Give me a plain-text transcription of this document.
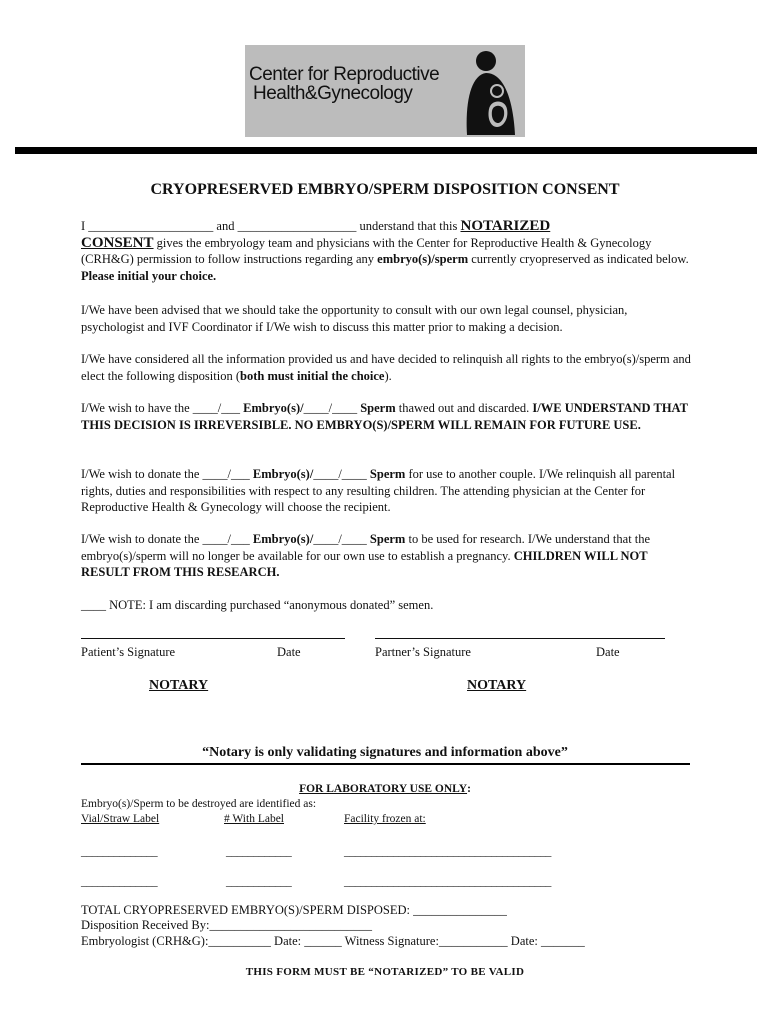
Center for Reproductive
Health&Gynecology
CRYOPRESERVED EMBRYO/SPERM DISPOSITION CONSENT
I ____________________ and ___________________ understand that this NOTARIZED
CONSENT gives the embryology team and physicians with the Center for Reproductive Health & Gynecology (CRH&G) permission to follow instructions regarding any embryo(s)/sperm currently cryopreserved as indicated below. Please initial your choice.
I/We have been advised that we should take the opportunity to consult with our own legal counsel, physician, psychologist and IVF Coordinator if I/We wish to discuss this matter prior to making a decision.
I/We have considered all the information provided us and have decided to relinquish all rights to the embryo(s)/sperm and elect the following disposition (both must initial the choice).
I/We wish to have the ____/___ Embryo(s)/____/____ Sperm thawed out and discarded. I/WE UNDERSTAND THAT THIS DECISION IS IRREVERSIBLE. NO EMBRYO(S)/SPERM WILL REMAIN FOR FUTURE USE.
I/We wish to donate the ____/___ Embryo(s)/____/____ Sperm for use to another couple. I/We relinquish all parental rights, duties and responsibilities with respect to any resulting children. The attending physician at the Center for Reproductive Health & Gynecology will choose the recipient.
I/We wish to donate the ____/___ Embryo(s)/____/____ Sperm to be used for research. I/We understand that the embryo(s)/sperm will no longer be available for our own use to establish a pregnancy. CHILDREN WILL NOT RESULT FROM THIS RESEARCH.
____ NOTE: I am discarding purchased “anonymous donated” semen.
Patient’s Signature	Date	Partner’s Signature	Date
NOTARY	NOTARY
“Notary is only validating signatures and information above”
FOR LABORATORY USE ONLY:
Embryo(s)/Sperm to be destroyed are identified as:
Vial/Straw Label	# With Label	Facility frozen at:
______________	____________	______________________________________
______________	____________	______________________________________
TOTAL CRYOPRESERVED EMBRYO(S)/SPERM DISPOSED: _______________
Disposition Received By:__________________________
Embryologist (CRH&G):__________ Date: ______ Witness Signature:___________ Date: _______
THIS FORM MUST BE “NOTARIZED” TO BE VALID
